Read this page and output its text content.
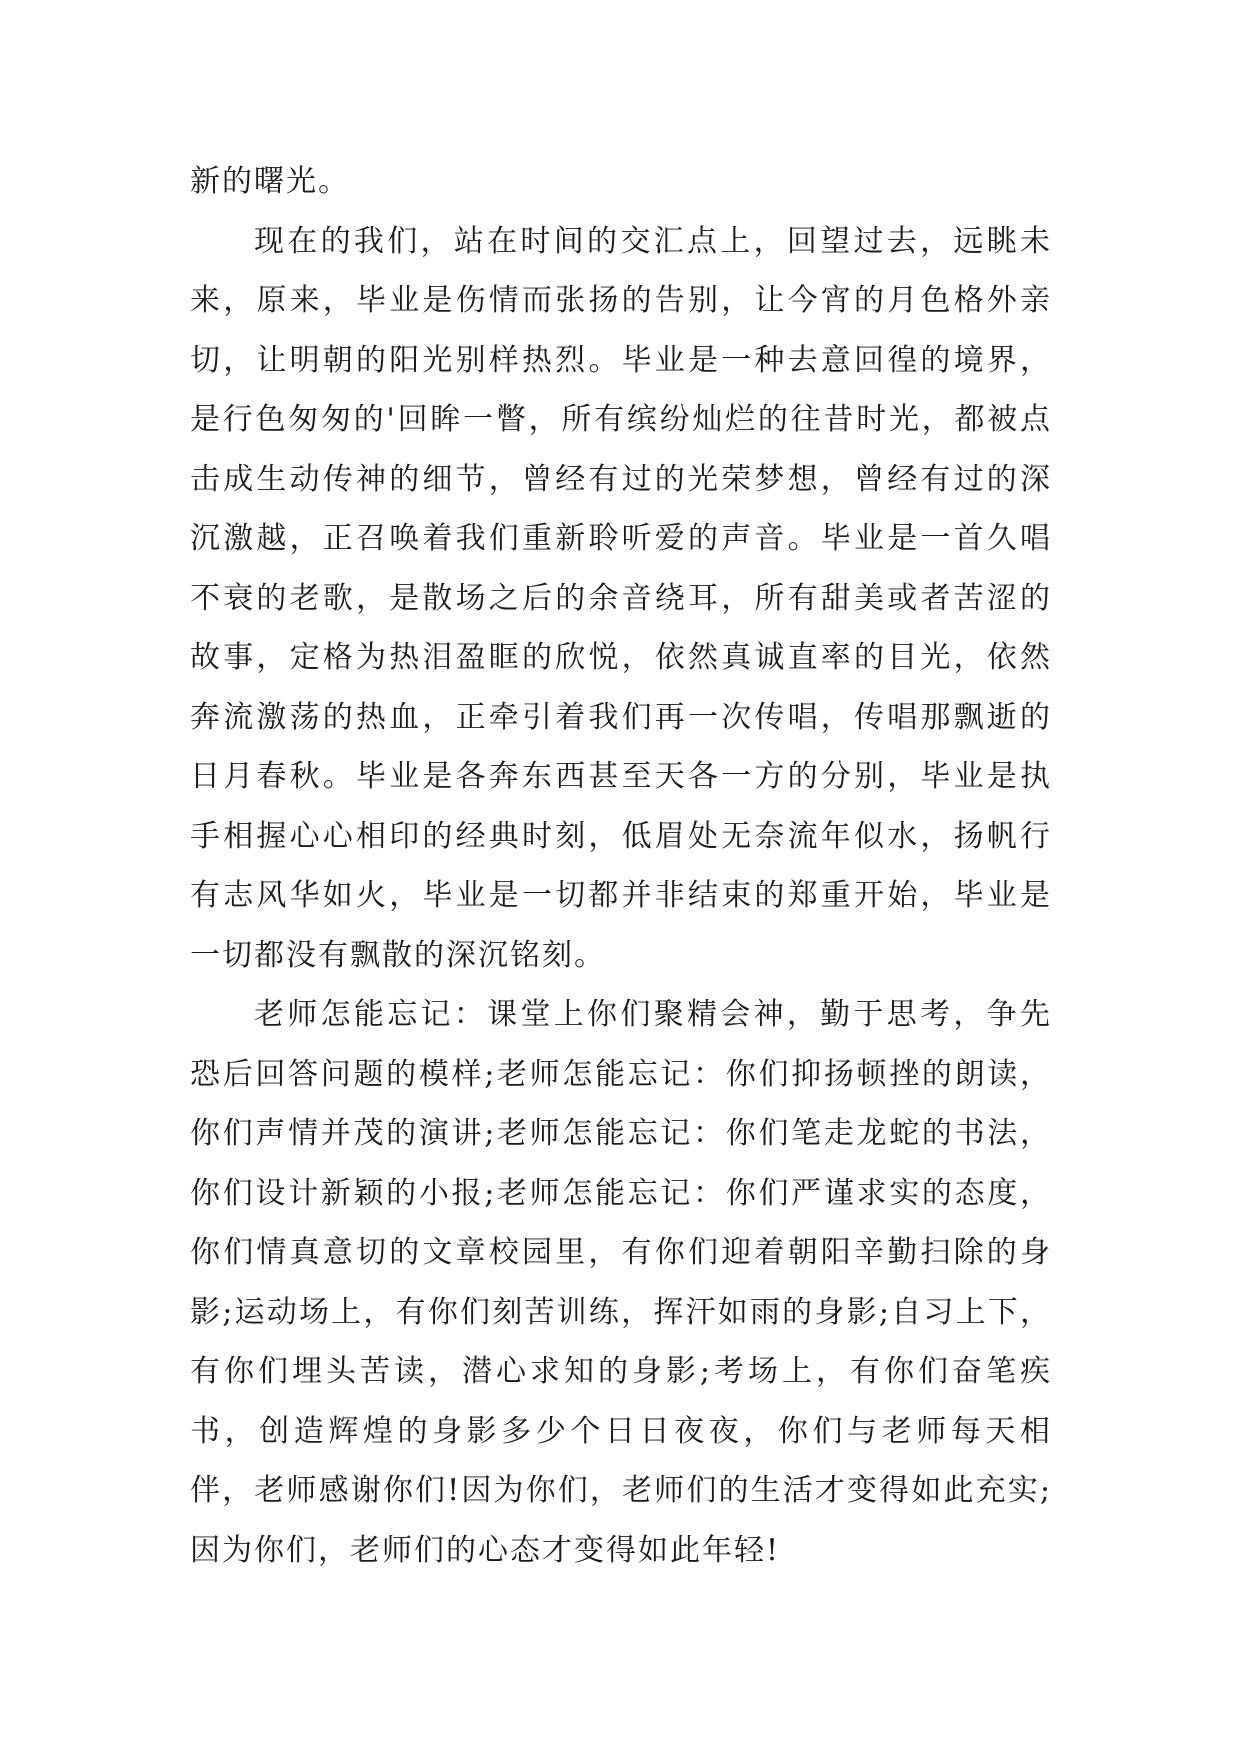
新的曙光。

现在的我们，站在时间的交汇点上，回望过去，远眺未来，原来，毕业是伤情而张扬的告别，让今宵的月色格外亲切，让明朝的阳光别样热烈。毕业是一种去意回徨的境界，是行色匆匆的'回眸一瞥，所有缤纷灿烂的往昔时光，都被点击成生动传神的细节，曾经有过的光荣梦想，曾经有过的深沉激越，正召唤着我们重新聆听爱的声音。毕业是一首久唱不衰的老歌，是散场之后的余音绕耳，所有甜美或者苦涩的故事，定格为热泪盈眶的欣悦，依然真诚直率的目光，依然奔流激荡的热血，正牵引着我们再一次传唱，传唱那飘逝的日月春秋。毕业是各奔东西甚至天各一方的分别，毕业是执手相握心心相印的经典时刻，低眉处无奈流年似水，扬帆行有志风华如火，毕业是一切都并非结束的郑重开始，毕业是一切都没有飘散的深沉铭刻。

老师怎能忘记：课堂上你们聚精会神，勤于思考，争先恐后回答问题的模样;老师怎能忘记：你们抑扬顿挫的朗读，你们声情并茂的演讲;老师怎能忘记：你们笔走龙蛇的书法，你们设计新颖的小报;老师怎能忘记：你们严谨求实的态度，你们情真意切的文章校园里，有你们迎着朝阳辛勤扫除的身影;运动场上，有你们刻苦训练，挥汗如雨的身影;自习上下，有你们埋头苦读，潜心求知的身影;考场上，有你们奋笔疾书，创造辉煌的身影多少个日日夜夜，你们与老师每天相伴，老师感谢你们!因为你们，老师们的生活才变得如此充实;因为你们，老师们的心态才变得如此年轻!
